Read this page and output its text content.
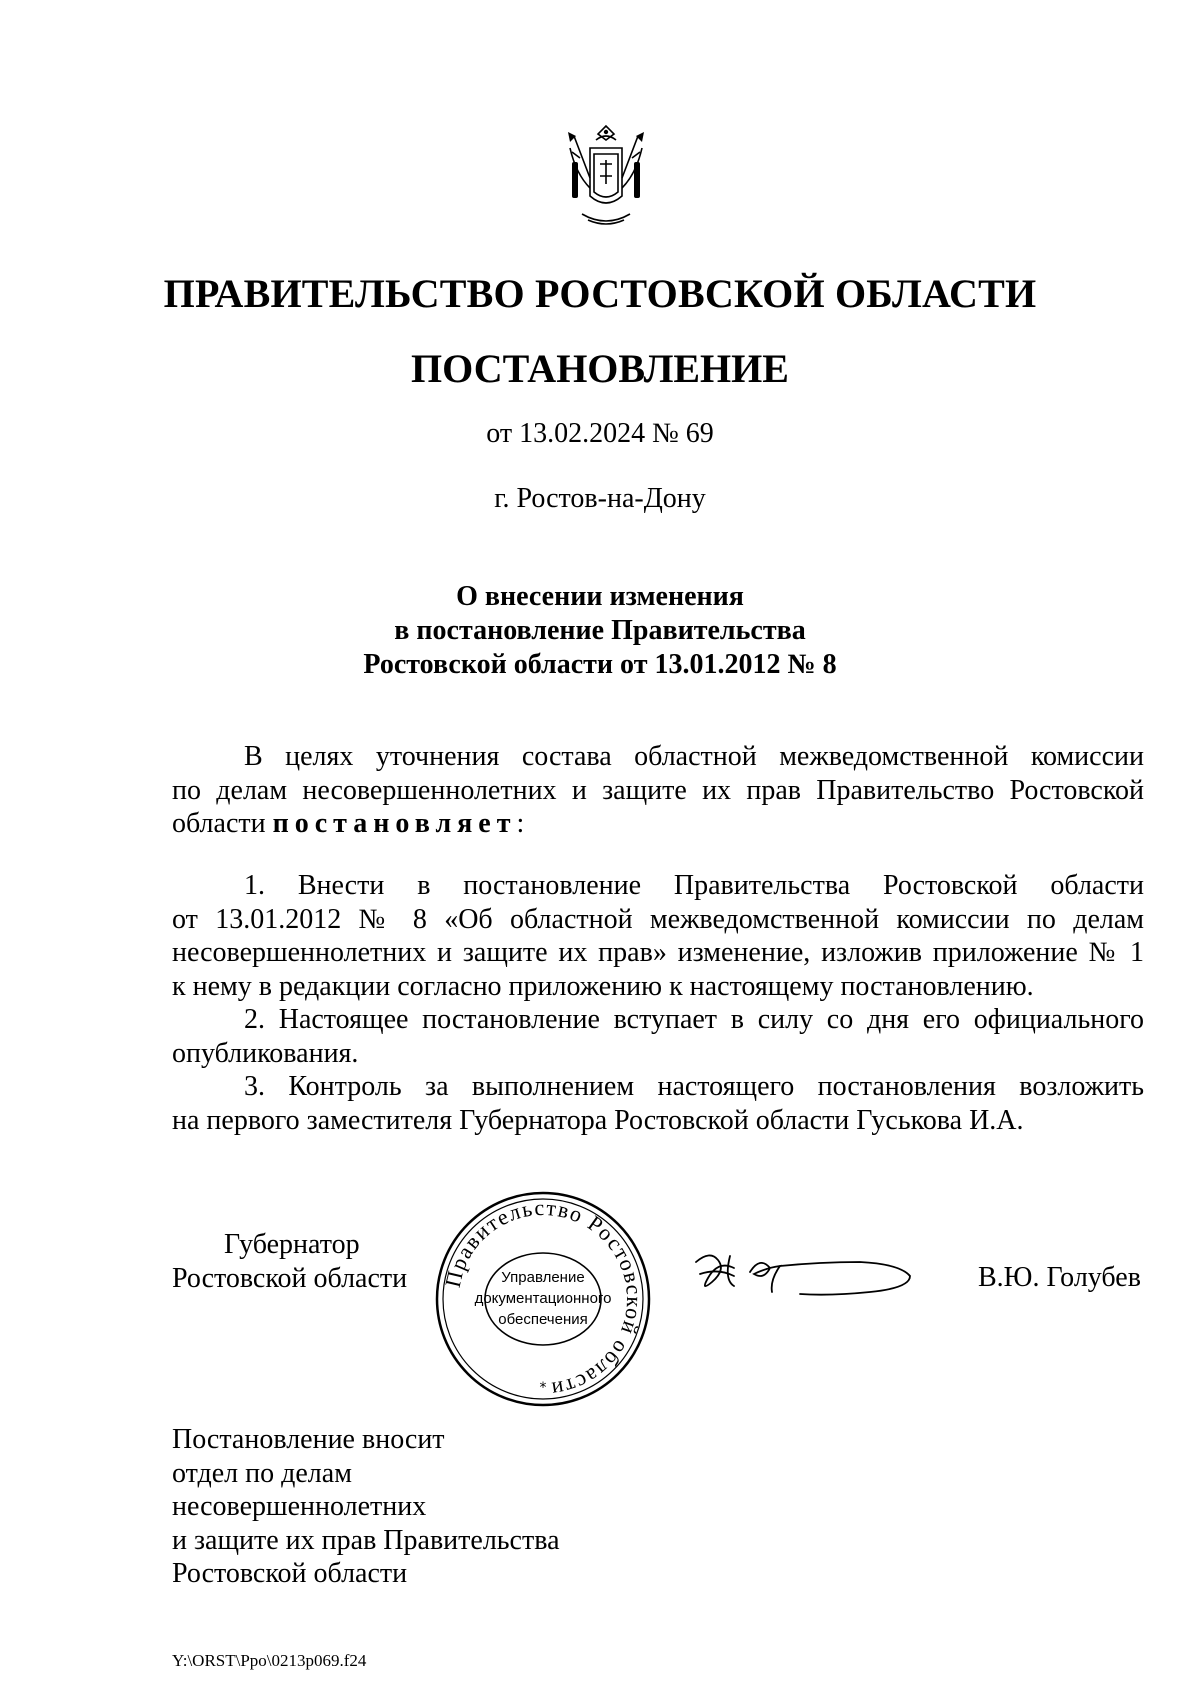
ПРАВИТЕЛЬСТВО РОСТОВСКОЙ ОБЛАСТИ
ПОСТАНОВЛЕНИЕ
от 13.02.2024 № 69
г. Ростов-на-Дону
О внесении изменения
в постановление Правительства
Ростовской области от 13.01.2012 № 8
В целях уточнения состава областной межведомственной комиссии
по делам несовершеннолетних и защите их прав Правительство Ростовской
области постановляет:
1. Внести в постановление Правительства Ростовской области
от 13.01.2012 № 8 «Об областной межведомственной комиссии по делам
несовершеннолетних и защите их прав» изменение, изложив приложение № 1
к нему в редакции согласно приложению к настоящему постановлению.
2. Настоящее постановление вступает в силу со дня его официального
опубликования.
3. Контроль за выполнением настоящего постановления возложить
на первого заместителя Губернатора Ростовской области Гуськова И.А.
Губернатор
Ростовской области Правительство Ростовской области
Управление
документационного
обеспечения
*
В.Ю. Голубев
Постановление вносит
отдел по делам
несовершеннолетних
и защите их прав Правительства
Ростовской области
Y:\ORST\Ppo\0213p069.f24
